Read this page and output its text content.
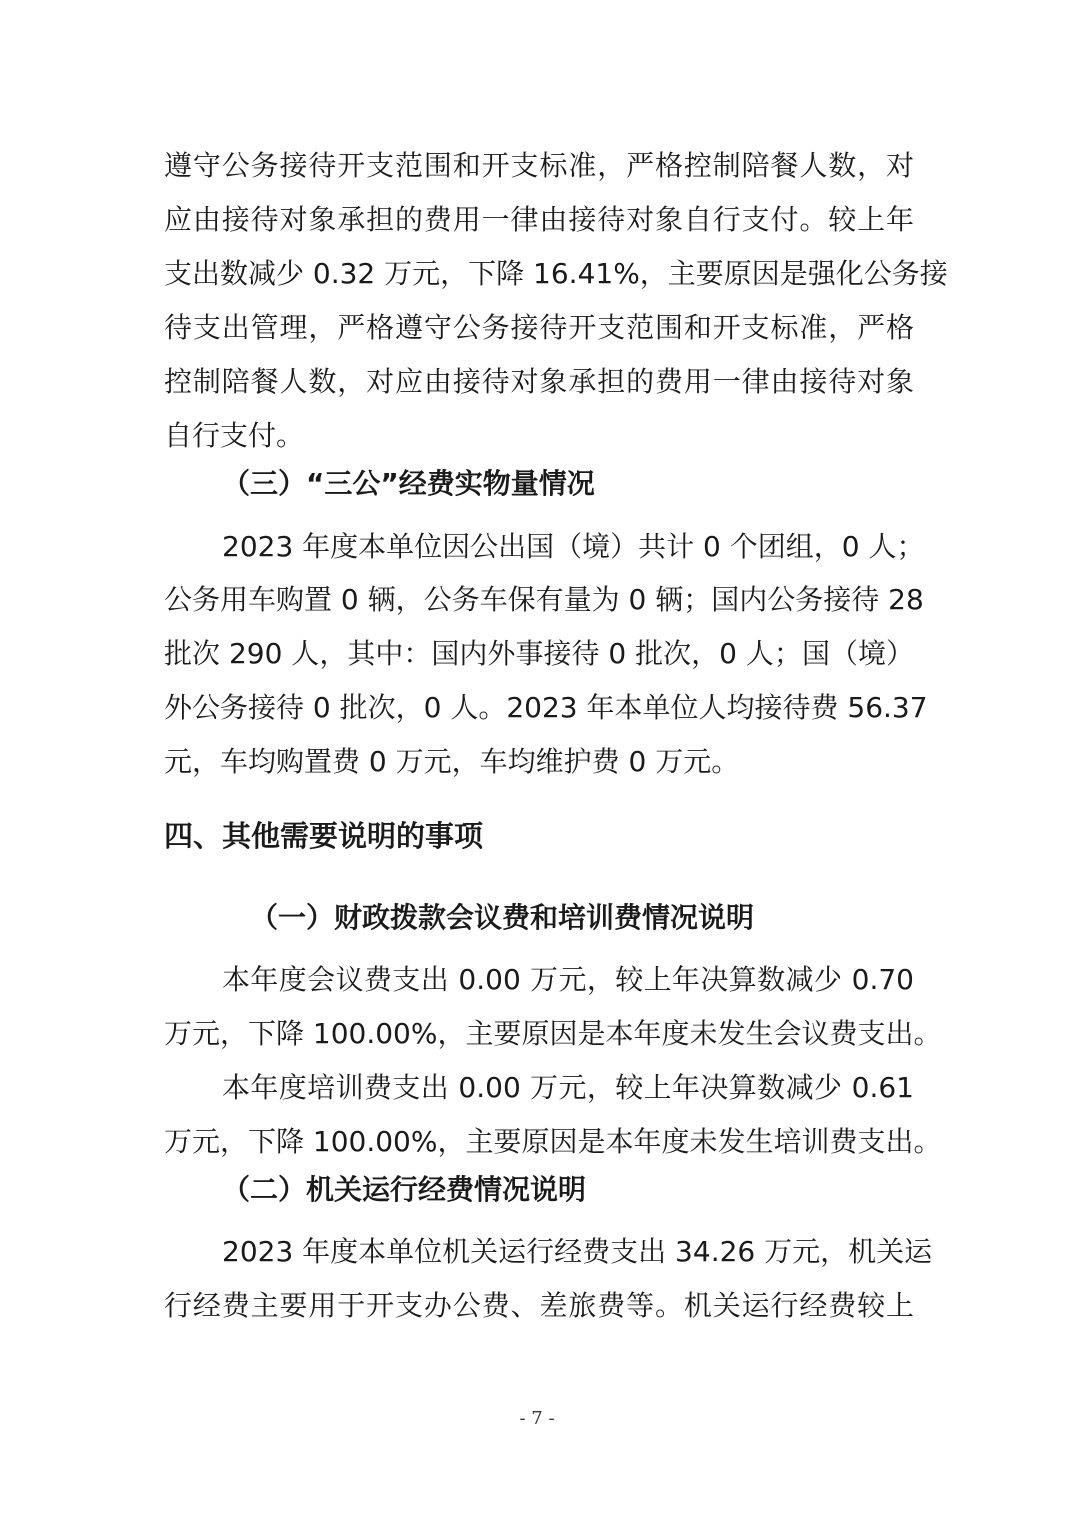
遵守公务接待开支范围和开支标准，严格控制陪餐人数，对
应由接待对象承担的费用一律由接待对象自行支付。较上年
支出数减少 0.32 万元，下降 16.41%，主要原因是强化公务接
待支出管理，严格遵守公务接待开支范围和开支标准，严格
控制陪餐人数，对应由接待对象承担的费用一律由接待对象
自行支付。
（三）“三公”经费实物量情况
2023 年度本单位因公出国（境）共计 0 个团组，0 人；
公务用车购置 0 辆，公务车保有量为 0 辆；国内公务接待 28
批次 290 人，其中：国内外事接待 0 批次，0 人；国（境）
外公务接待 0 批次，0 人。2023 年本单位人均接待费 56.37
元，车均购置费 0 万元，车均维护费 0 万元。
四、其他需要说明的事项
（一）财政拨款会议费和培训费情况说明
本年度会议费支出 0.00 万元，较上年决算数减少 0.70
万元，下降 100.00%，主要原因是本年度未发生会议费支出。
本年度培训费支出 0.00 万元，较上年决算数减少 0.61
万元，下降 100.00%，主要原因是本年度未发生培训费支出。
（二）机关运行经费情况说明
2023 年度本单位机关运行经费支出 34.26 万元，机关运
行经费主要用于开支办公费、差旅费等。机关运行经费较上
- 7 -
